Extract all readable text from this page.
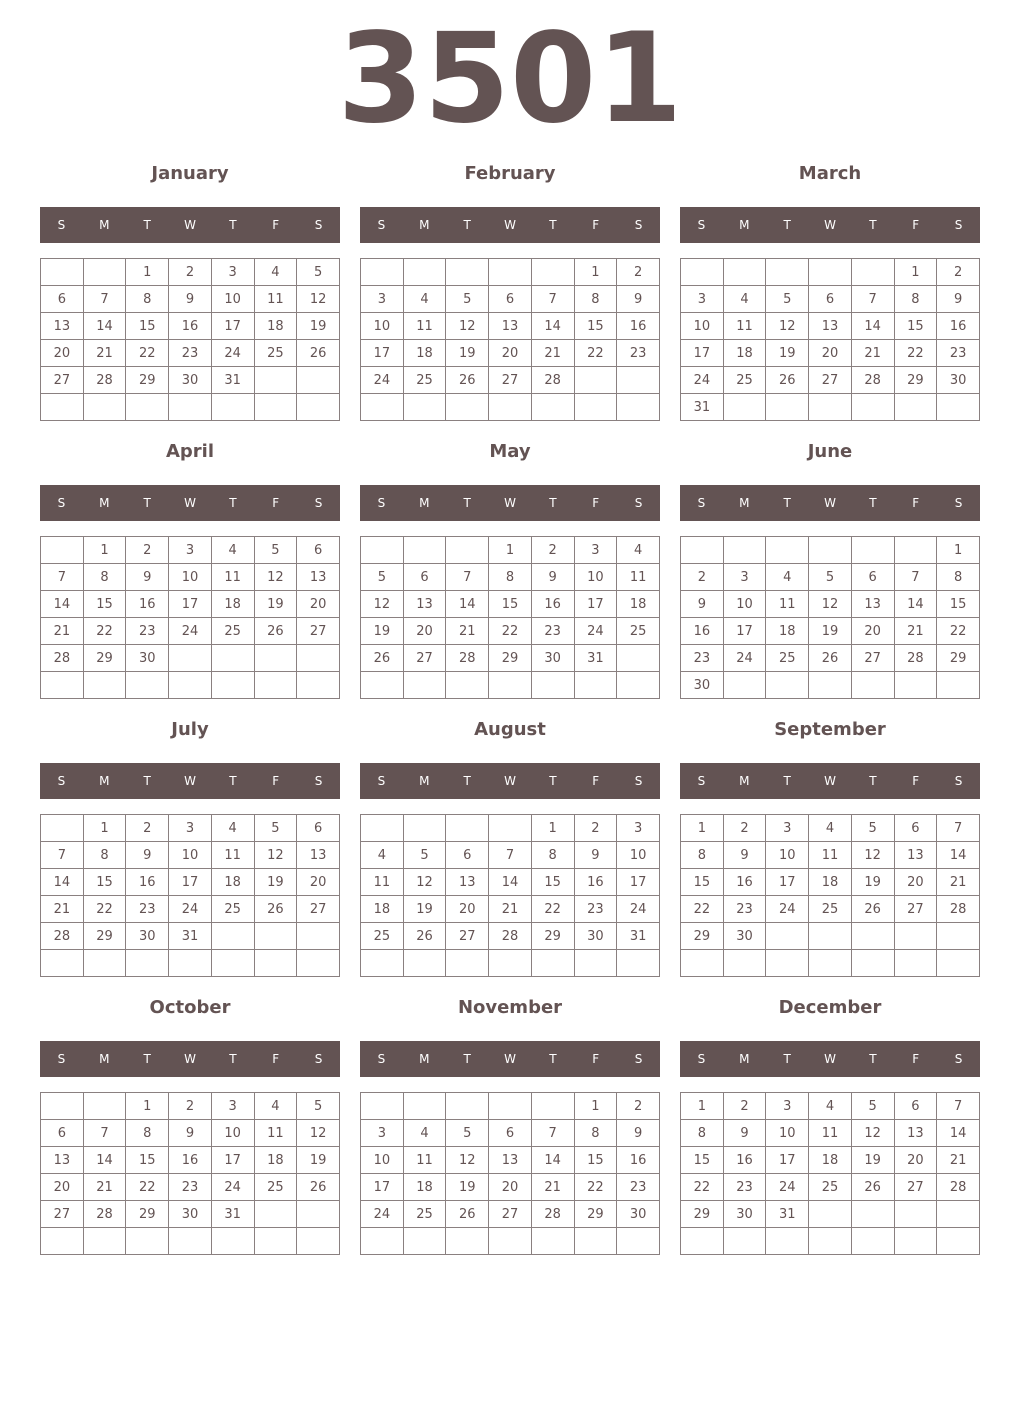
3501
January
S	M	T	W	T	F	S
		1	2	3	4	5
6	7	8	9	10	11	12
13	14	15	16	17	18	19
20	21	22	23	24	25	26
27	28	29	30	31		

February
S	M	T	W	T	F	S
					1	2
3	4	5	6	7	8	9
10	11	12	13	14	15	16
17	18	19	20	21	22	23
24	25	26	27	28		

March
S	M	T	W	T	F	S
					1	2
3	4	5	6	7	8	9
10	11	12	13	14	15	16
17	18	19	20	21	22	23
24	25	26	27	28	29	30
31						
April
S	M	T	W	T	F	S
	1	2	3	4	5	6
7	8	9	10	11	12	13
14	15	16	17	18	19	20
21	22	23	24	25	26	27
28	29	30				

May
S	M	T	W	T	F	S
			1	2	3	4
5	6	7	8	9	10	11
12	13	14	15	16	17	18
19	20	21	22	23	24	25
26	27	28	29	30	31	

June
S	M	T	W	T	F	S
						1
2	3	4	5	6	7	8
9	10	11	12	13	14	15
16	17	18	19	20	21	22
23	24	25	26	27	28	29
30						
July
S	M	T	W	T	F	S
	1	2	3	4	5	6
7	8	9	10	11	12	13
14	15	16	17	18	19	20
21	22	23	24	25	26	27
28	29	30	31			

August
S	M	T	W	T	F	S
				1	2	3
4	5	6	7	8	9	10
11	12	13	14	15	16	17
18	19	20	21	22	23	24
25	26	27	28	29	30	31

September
S	M	T	W	T	F	S
1	2	3	4	5	6	7
8	9	10	11	12	13	14
15	16	17	18	19	20	21
22	23	24	25	26	27	28
29	30					

October
S	M	T	W	T	F	S
		1	2	3	4	5
6	7	8	9	10	11	12
13	14	15	16	17	18	19
20	21	22	23	24	25	26
27	28	29	30	31		

November
S	M	T	W	T	F	S
					1	2
3	4	5	6	7	8	9
10	11	12	13	14	15	16
17	18	19	20	21	22	23
24	25	26	27	28	29	30

December
S	M	T	W	T	F	S
1	2	3	4	5	6	7
8	9	10	11	12	13	14
15	16	17	18	19	20	21
22	23	24	25	26	27	28
29	30	31				
